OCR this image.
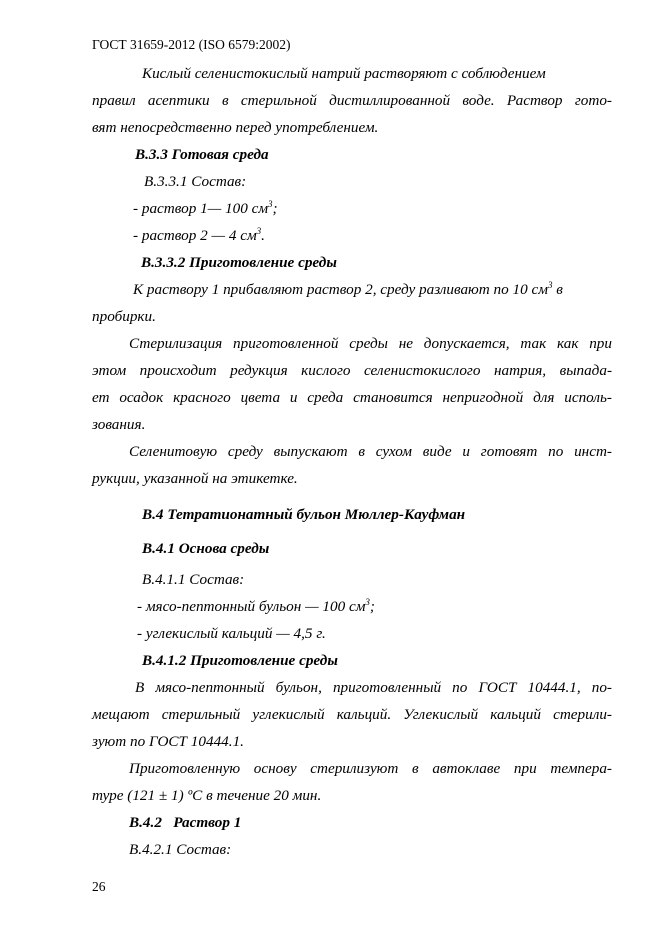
ГОСТ 31659-2012 (ISO 6579:2002)
Кислый селенистокислый натрий растворяют с соблюдением
правил асептики в стерильной дистиллированной воде. Раствор гото-
вят непосредственно перед употреблением.
В.3.3 Готовая среда
В.3.3.1 Состав:
- раствор 1— 100 $см^3$;
- раствор 2 — 4 $см^3$.
В.3.3.2 Приготовление среды
К раствору 1 прибавляют раствор 2, среду разливают по 10 $см^3$ в
пробирки.
Стерилизация приготовленной среды не допускается, так как при
этом происходит редукция кислого селенистокислого натрия, выпада-
ет осадок красного цвета и среда становится непригодной для исполь-
зования.
Селенитовую среду выпускают в сухом виде и готовят по инст-
рукции, указанной на этикетке.
В.4 Тетратионатный бульон Мюллер-Кауфман
В.4.1 Основа среды
В.4.1.1 Состав:
- мясо-пептонный бульон — 100 $см^3$;
- углекислый кальций — 4,5 г.
В.4.1.2 Приготовление среды
В мясо-пептонный бульон, приготовленный по ГОСТ 10444.1, по-
мещают стерильный углекислый кальций. Углекислый кальций стерили-
зуют по ГОСТ 10444.1.
Приготовленную основу стерилизуют в автоклаве при темпера-
туре (121 ± 1) ºС в течение 20 мин.
В.4.2   Раствор 1
В.4.2.1 Состав:
26
